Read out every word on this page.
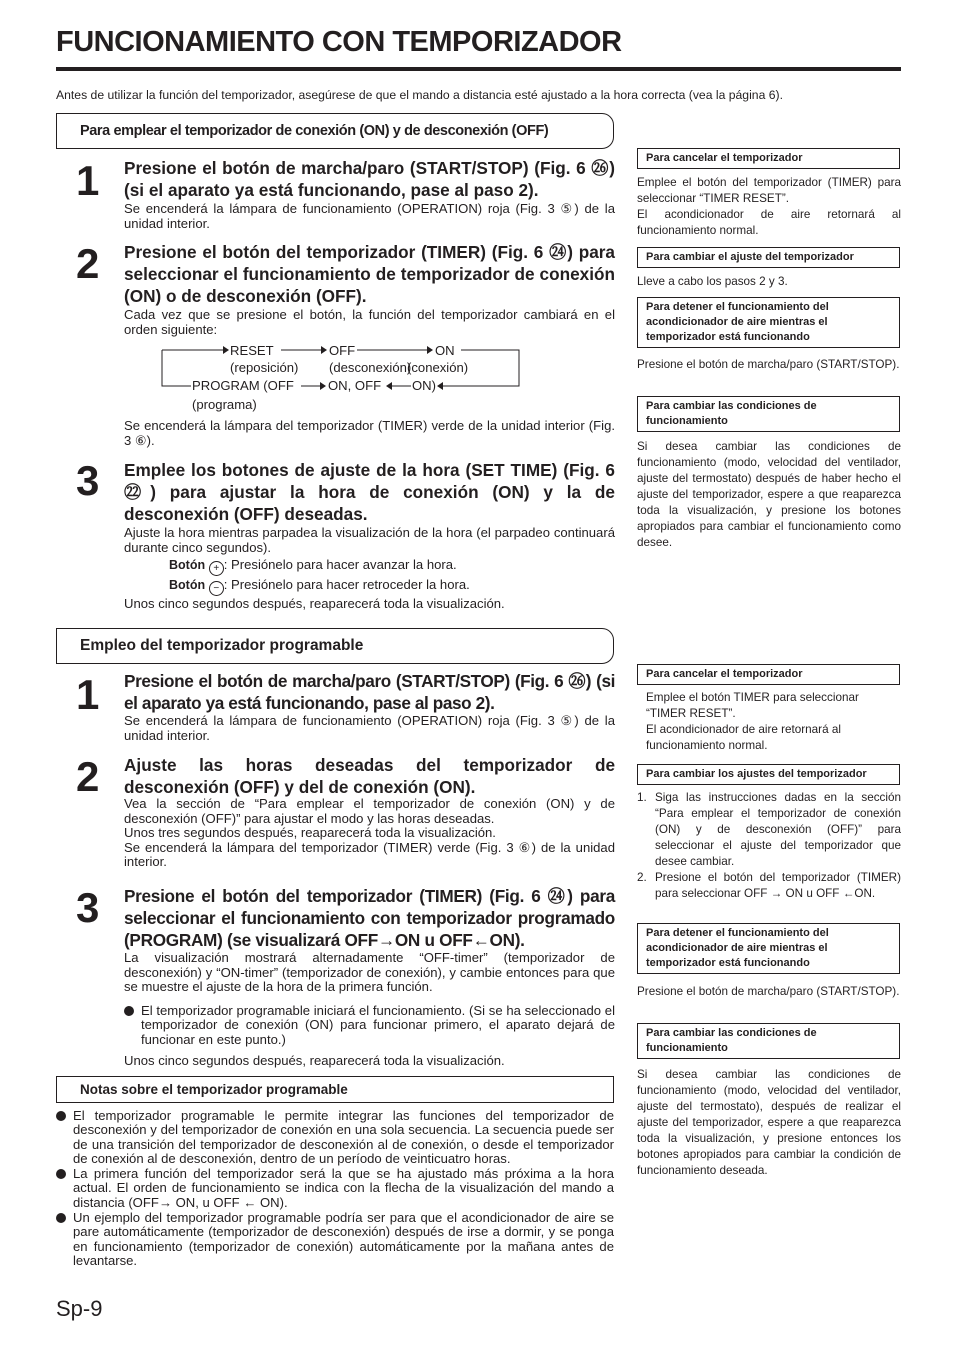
FUNCIONAMIENTO CON TEMPORIZADOR
Antes de utilizar la función del temporizador, asegúrese de que el mando a distancia esté ajustado a la hora correcta (vea la página 6).
Para emplear el temporizador de conexión (ON) y de desconexión (OFF)
1 Presione el botón de marcha/paro (START/STOP) (Fig. 6 ㉖) (si el aparato ya está funcionando, pase al paso 2).
Se encenderá la lámpara de funcionamiento (OPERATION) roja (Fig. 3 ⑤) de la unidad interior.
2 Presione el botón del temporizador (TIMER) (Fig. 6 ㉔) para seleccionar el funcionamiento de temporizador de conexión (ON) o de desconexión (OFF).
Cada vez que se presione el botón, la función del temporizador cambiará en el orden siguiente:
RESET
(reposición)
OFF
(desconexión)
ON
(conexión)
PROGRAM (OFF	ON, OFF ON)
(programa)
Se encenderá la lámpara del temporizador (TIMER) verde de la unidad interior (Fig. 3 ⑥).
3 Emplee los botones de ajuste de la hora (SET TIME) (Fig. 6 ㉒) para ajustar la hora de conexión (ON) y la de desconexión (OFF) deseadas.
Ajuste la hora mientras parpadea la visualización de la hora (el parpadeo continuará durante cinco segundos).
Botón + : Presiónelo para hacer avanzar la hora.
Botón − : Presiónelo para hacer retroceder la hora.
Unos cinco segundos después, reaparecerá toda la visualización.
Para cancelar el temporizador
Emplee el botón del temporizador (TIMER) para seleccionar “TIMER RESET”.
El acondicionador de aire retornará al funcionamiento normal.
Para cambiar el ajuste del temporizador
Lleve a cabo los pasos 2 y 3.
Para detener el funcionamiento del acondicionador de aire mientras el temporizador está funcionando
Presione el botón de marcha/paro (START/STOP).
Para cambiar las condiciones de funcionamiento
Si desea cambiar las condiciones de funcionamiento (modo, velocidad del ventilador, ajuste del termostato) después de haber hecho el ajuste del temporizador, espere a que reaparezca toda la visualización, y presione los botones apropiados para cambiar el funcionamiento como desee.
Empleo del temporizador programable
1 Presione el botón de marcha/paro (START/STOP) (Fig. 6 ㉖) (si el aparato ya está funcionando, pase al paso 2).
Se encenderá la lámpara de funcionamiento (OPERATION) roja (Fig. 3 ⑤) de la unidad interior.
2 Ajuste las horas deseadas del temporizador de desconexión (OFF) y del de conexión (ON).
Vea la sección de “Para emplear el temporizador de conexión (ON) y de desconexión (OFF)” para ajustar el modo y las horas deseadas.
Unos tres segundos después, reaparecerá toda la visualización.
Se encenderá la lámpara del temporizador (TIMER) verde (Fig. 3 ⑥) de la unidad interior.
3 Presione el botón del temporizador (TIMER) (Fig. 6 ㉔) para seleccionar el funcionamiento con temporizador programado (PROGRAM) (se visualizará OFF→ON u OFF←ON).
La visualización mostrará alternadamente “OFF-timer” (temporizador de desconexión) y “ON-timer” (temporizador de conexión), y cambie entonces para que se muestre el ajuste de la hora de la primera función.
El temporizador programable iniciará el funcionamiento. (Si se ha seleccionado el temporizador de conexión (ON) para funcionar primero, el aparato dejará de funcionar en este punto.)
Unos cinco segundos después, reaparecerá toda la visualización.
Para cancelar el temporizador
Emplee el botón TIMER para seleccionar “TIMER RESET”.
El acondicionador de aire retornará al funcionamiento normal.
Para cambiar los ajustes del temporizador
1. Siga las instrucciones dadas en la sección “Para emplear el temporizador de conexión (ON) y de desconexión (OFF)” para seleccionar el ajuste del temporizador que desee cambiar.
2. Presione el botón del temporizador (TIMER) para seleccionar OFF → ON u OFF ←ON.
Para detener el funcionamiento del acondicionador de aire mientras el temporizador está funcionando
Presione el botón de marcha/paro (START/STOP).
Para cambiar las condiciones de funcionamiento
Si desea cambiar las condiciones de funcionamiento (modo, velocidad del ventilador, ajuste del termostato), después de realizar el ajuste del temporizador, espere a que reaparezca toda la visualización, y presione entonces los botones apropiados para cambiar la condición de funcionamiento deseada.
Notas sobre el temporizador programable
El temporizador programable le permite integrar las funciones del temporizador de desconexión y del temporizador de conexión en una sola secuencia. La secuencia puede ser de una transición del temporizador de desconexión al de conexión, o desde el temporizador de conexión al de desconexión, dentro de un período de veinticuatro horas.
La primera función del temporizador será la que se ha ajustado más próxima a la hora actual. El orden de funcionamiento se indica con la flecha de la visualización del mando a distancia (OFF→ ON, u OFF ← ON).
Un ejemplo del temporizador programable podría ser para que el acondicionador de aire se pare automáticamente (temporizador de desconexión) después de irse a dormir, y se ponga en funcionamiento (temporizador de conexión) automáticamente por la mañana antes de levantarse.
Sp-9
